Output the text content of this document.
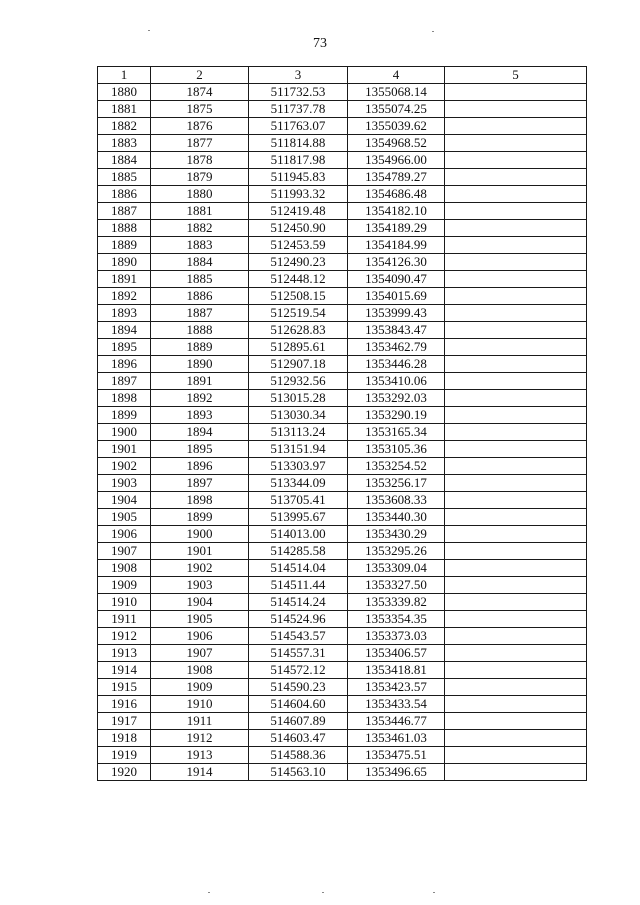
73
1	2	3	4	5
1880	1874	511732.53	1355068.14	
1881	1875	511737.78	1355074.25	
1882	1876	511763.07	1355039.62	
1883	1877	511814.88	1354968.52	
1884	1878	511817.98	1354966.00	
1885	1879	511945.83	1354789.27	
1886	1880	511993.32	1354686.48	
1887	1881	512419.48	1354182.10	
1888	1882	512450.90	1354189.29	
1889	1883	512453.59	1354184.99	
1890	1884	512490.23	1354126.30	
1891	1885	512448.12	1354090.47	
1892	1886	512508.15	1354015.69	
1893	1887	512519.54	1353999.43	
1894	1888	512628.83	1353843.47	
1895	1889	512895.61	1353462.79	
1896	1890	512907.18	1353446.28	
1897	1891	512932.56	1353410.06	
1898	1892	513015.28	1353292.03	
1899	1893	513030.34	1353290.19	
1900	1894	513113.24	1353165.34	
1901	1895	513151.94	1353105.36	
1902	1896	513303.97	1353254.52	
1903	1897	513344.09	1353256.17	
1904	1898	513705.41	1353608.33	
1905	1899	513995.67	1353440.30	
1906	1900	514013.00	1353430.29	
1907	1901	514285.58	1353295.26	
1908	1902	514514.04	1353309.04	
1909	1903	514511.44	1353327.50	
1910	1904	514514.24	1353339.82	
1911	1905	514524.96	1353354.35	
1912	1906	514543.57	1353373.03	
1913	1907	514557.31	1353406.57	
1914	1908	514572.12	1353418.81	
1915	1909	514590.23	1353423.57	
1916	1910	514604.60	1353433.54	
1917	1911	514607.89	1353446.77	
1918	1912	514603.47	1353461.03	
1919	1913	514588.36	1353475.51	
1920	1914	514563.10	1353496.65	
